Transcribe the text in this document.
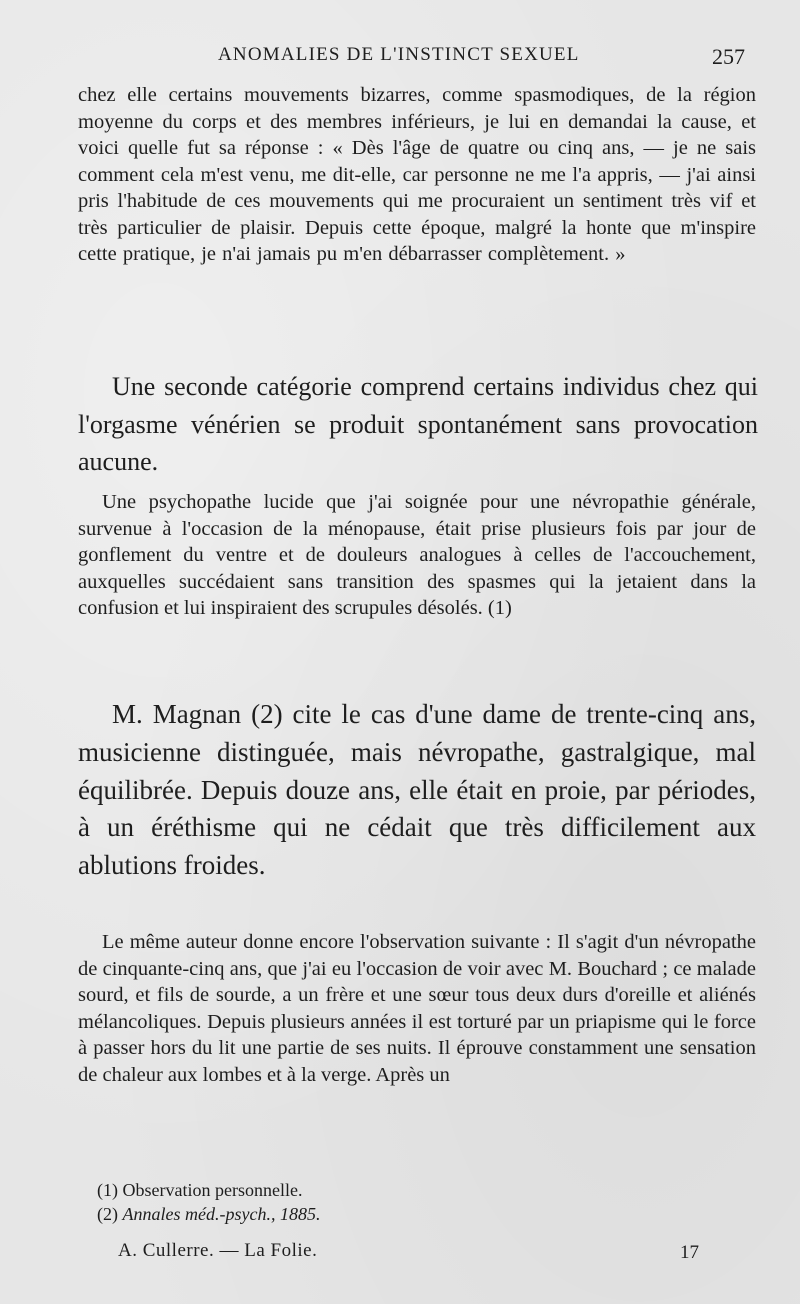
ANOMALIES DE L'INSTINCT SEXUEL	257

chez elle certains mouvements bizarres, comme spasmodiques, de la région moyenne du corps et des membres inférieurs, je lui en demandai la cause, et voici quelle fut sa réponse : « Dès l'âge de quatre ou cinq ans, — je ne sais comment cela m'est venu, me dit-elle, car personne ne me l'a appris, — j'ai ainsi pris l'habitude de ces mouvements qui me procuraient un sentiment très vif et très particulier de plaisir. Depuis cette époque, malgré la honte que m'inspire cette pratique, je n'ai jamais pu m'en débarrasser complètement. »

Une seconde catégorie comprend certains individus chez qui l'orgasme vénérien se produit spontanément sans provocation aucune.

Une psychopathe lucide que j'ai soignée pour une névropathie générale, survenue à l'occasion de la ménopause, était prise plusieurs fois par jour de gonflement du ventre et de douleurs analogues à celles de l'accouchement, auxquelles succédaient sans transition des spasmes qui la jetaient dans la confusion et lui inspiraient des scrupules désolés. (1)

M. Magnan (2) cite le cas d'une dame de trente-cinq ans, musicienne distinguée, mais névropathe, gastralgique, mal équilibrée. Depuis douze ans, elle était en proie, par périodes, à un éréthisme qui ne cédait que très difficilement aux ablutions froides.

Le même auteur donne encore l'observation suivante : Il s'agit d'un névropathe de cinquante-cinq ans, que j'ai eu l'occasion de voir avec M. Bouchard ; ce malade sourd, et fils de sourde, a un frère et une sœur tous deux durs d'oreille et aliénés mélancoliques. Depuis plusieurs années il est torturé par un priapisme qui le force à passer hors du lit une partie de ses nuits. Il éprouve constamment une sensation de chaleur aux lombes et à la verge. Après un

(1) Observation personnelle.
(2) Annales méd.-psych., 1885.
A. Cullerre. — La Folie.	17
